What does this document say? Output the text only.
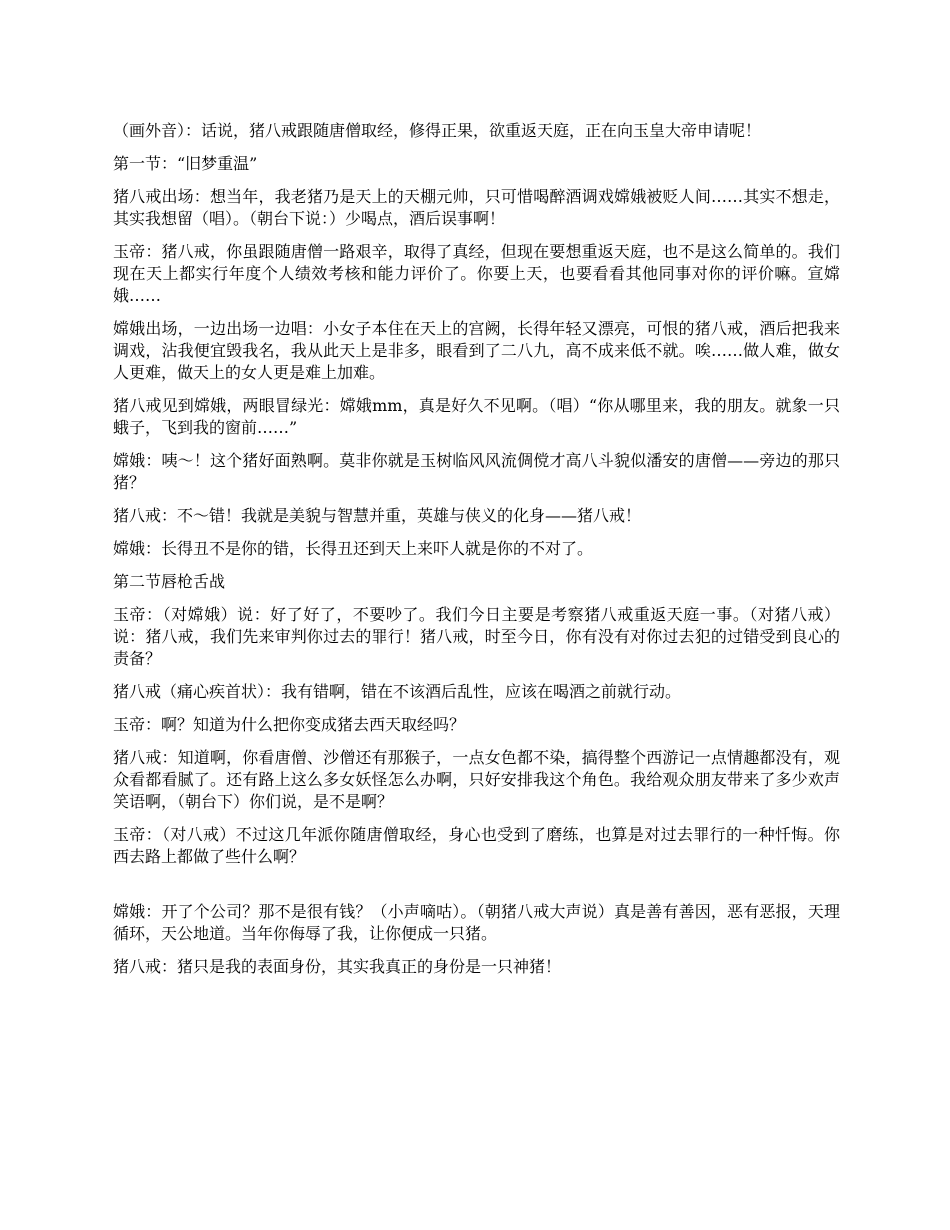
（画外音）：话说，猪八戒跟随唐僧取经，修得正果，欲重返天庭，正在向玉皇大帝申请呢！

第一节：“旧梦重温”

猪八戒出场：想当年，我老猪乃是天上的天棚元帅，只可惜喝醉酒调戏嫦娥被贬人间……其实不想走，其实我想留（唱）。（朝台下说：）少喝点，酒后误事啊！

玉帝：猪八戒，你虽跟随唐僧一路艰辛，取得了真经，但现在要想重返天庭，也不是这么简单的。我们现在天上都实行年度个人绩效考核和能力评价了。你要上天，也要看看其他同事对你的评价嘛。宣嫦娥……

嫦娥出场，一边出场一边唱：小女子本住在天上的宫阙，长得年轻又漂亮，可恨的猪八戒，酒后把我来调戏，沾我便宜毁我名，我从此天上是非多，眼看到了二八九，高不成来低不就。唉……做人难，做女人更难，做天上的女人更是难上加难。

猪八戒见到嫦娥，两眼冒绿光：嫦娥mm，真是好久不见啊。（唱）“你从哪里来，我的朋友。就象一只蛾子，飞到我的窗前……”

嫦娥：咦～！这个猪好面熟啊。莫非你就是玉树临风风流倜傥才高八斗貌似潘安的唐僧——旁边的那只猪？

猪八戒：不～错！我就是美貌与智慧并重，英雄与侠义的化身——猪八戒！

嫦娥：长得丑不是你的错，长得丑还到天上来吓人就是你的不对了。

第二节唇枪舌战

玉帝：（对嫦娥）说：好了好了，不要吵了。我们今日主要是考察猪八戒重返天庭一事。（对猪八戒）说：猪八戒，我们先来审判你过去的罪行！猪八戒，时至今日，你有没有对你过去犯的过错受到良心的责备？

猪八戒（痛心疾首状）：我有错啊，错在不该酒后乱性，应该在喝酒之前就行动。

玉帝：啊？知道为什么把你变成猪去西天取经吗？

猪八戒：知道啊，你看唐僧、沙僧还有那猴子，一点女色都不染，搞得整个西游记一点情趣都没有，观众看都看腻了。还有路上这么多女妖怪怎么办啊，只好安排我这个角色。我给观众朋友带来了多少欢声笑语啊，（朝台下）你们说，是不是啊？

玉帝：（对八戒）不过这几年派你随唐僧取经，身心也受到了磨练，也算是对过去罪行的一种忏悔。你西去路上都做了些什么啊？

嫦娥：开了个公司？那不是很有钱？（小声嘀咕）。（朝猪八戒大声说）真是善有善因，恶有恶报，天理循环，天公地道。当年你侮辱了我，让你便成一只猪。

猪八戒：猪只是我的表面身份，其实我真正的身份是一只神猪！
